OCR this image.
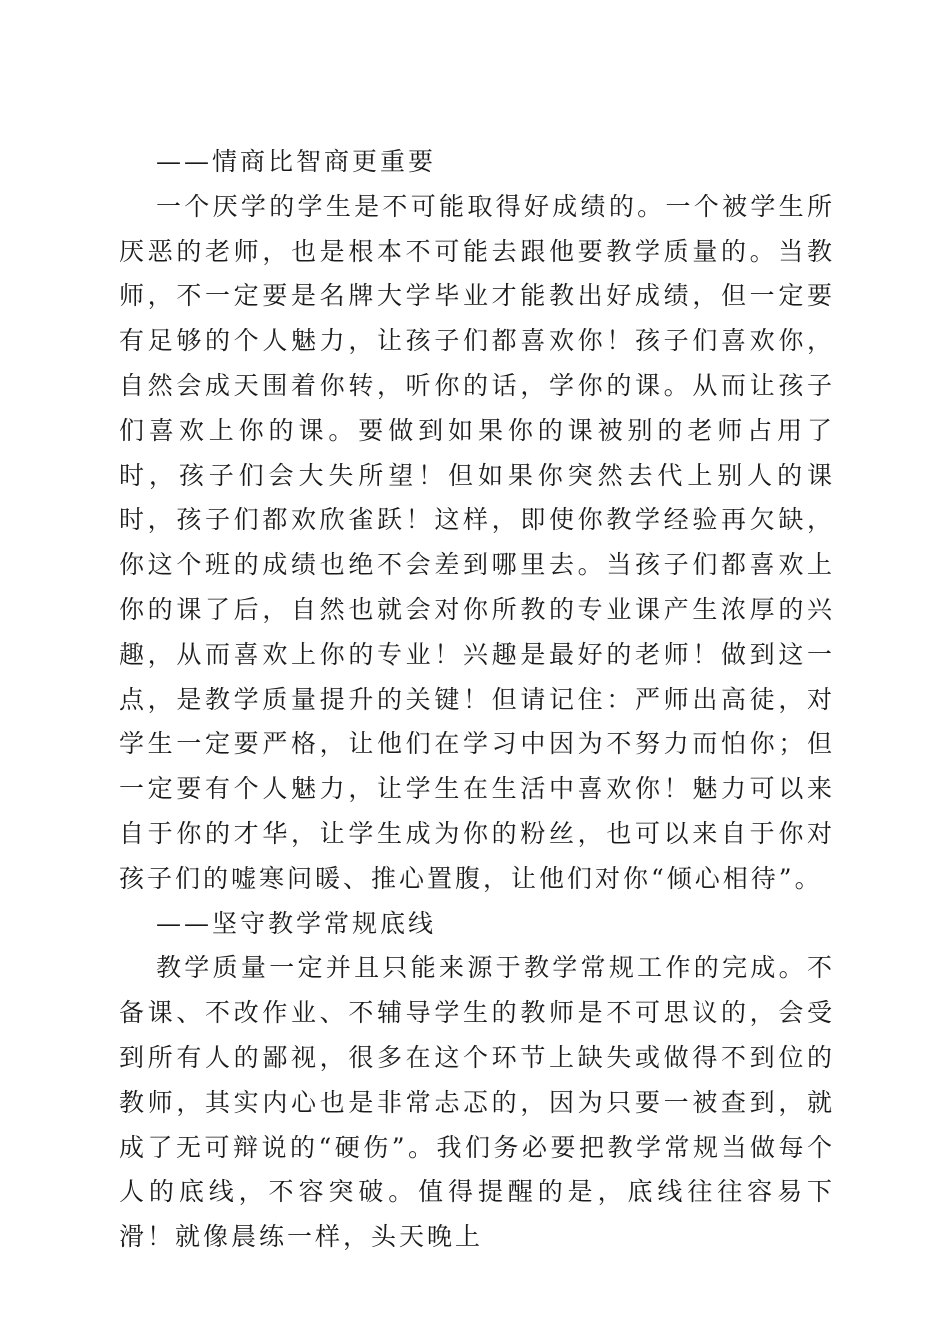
——情商比智商更重要

一个厌学的学生是不可能取得好成绩的。一个被学生所厌恶的老师，也是根本不可能去跟他要教学质量的。当教师，不一定要是名牌大学毕业才能教出好成绩，但一定要有足够的个人魅力，让孩子们都喜欢你！孩子们喜欢你，自然会成天围着你转，听你的话，学你的课。从而让孩子们喜欢上你的课。要做到如果你的课被别的老师占用了时，孩子们会大失所望！但如果你突然去代上别人的课时，孩子们都欢欣雀跃！这样，即使你教学经验再欠缺，你这个班的成绩也绝不会差到哪里去。当孩子们都喜欢上你的课了后，自然也就会对你所教的专业课产生浓厚的兴趣，从而喜欢上你的专业！兴趣是最好的老师！做到这一点，是教学质量提升的关键！但请记住：严师出高徒，对学生一定要严格，让他们在学习中因为不努力而怕你；但一定要有个人魅力，让学生在生活中喜欢你！魅力可以来自于你的才华，让学生成为你的粉丝，也可以来自于你对孩子们的嘘寒问暖、推心置腹，让他们对你“倾心相待”。

——坚守教学常规底线

教学质量一定并且只能来源于教学常规工作的完成。不备课、不改作业、不辅导学生的教师是不可思议的，会受到所有人的鄙视，很多在这个环节上缺失或做得不到位的教师，其实内心也是非常忐忑的，因为只要一被查到，就成了无可辩说的“硬伤”。我们务必要把教学常规当做每个人的底线，不容突破。值得提醒的是，底线往往容易下滑！就像晨练一样，头天晚上
